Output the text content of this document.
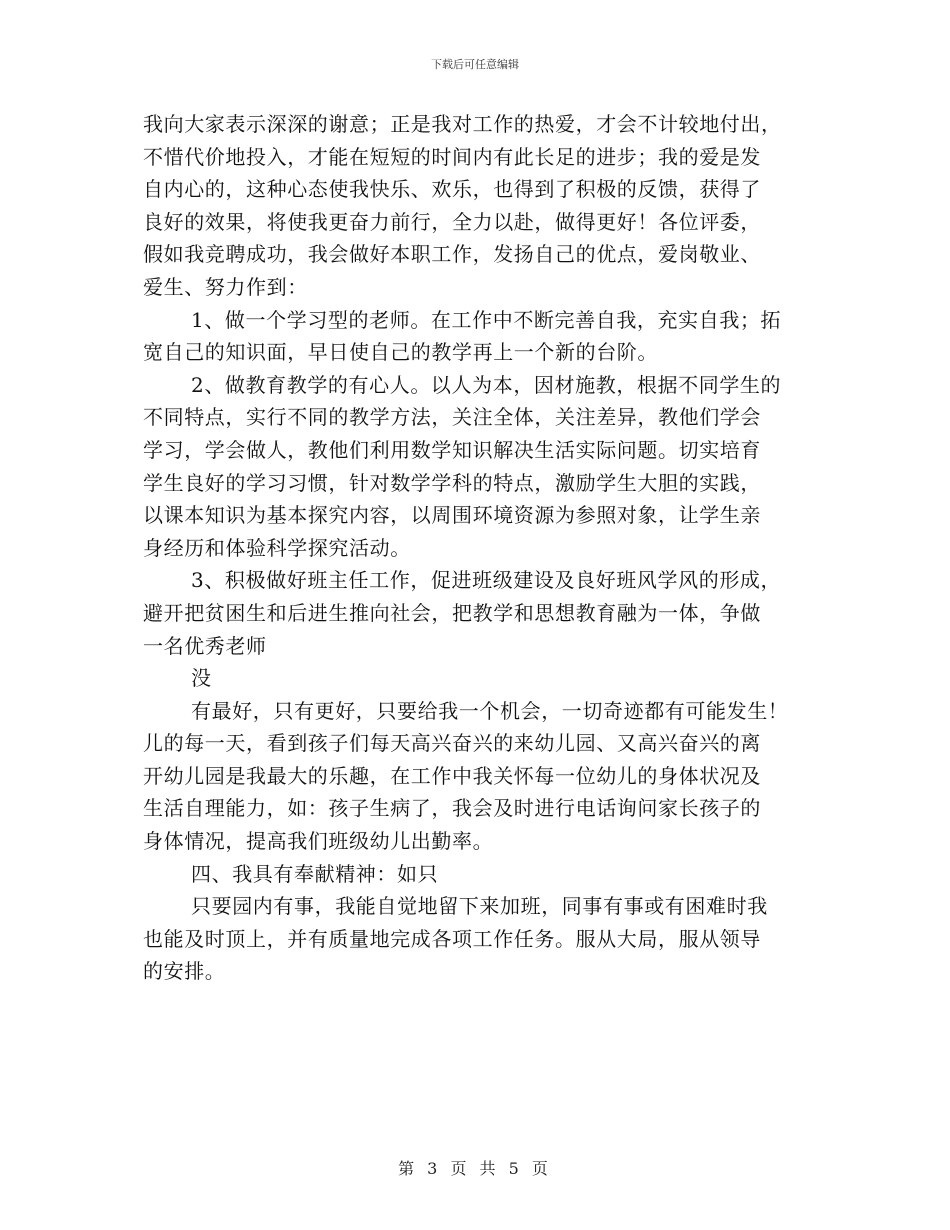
下载后可任意编辑
我向大家表示深深的谢意；正是我对工作的热爱，才会不计较地付出，
不惜代价地投入，才能在短短的时间内有此长足的进步；我的爱是发
自内心的，这种心态使我快乐、欢乐，也得到了积极的反馈，获得了
良好的效果，将使我更奋力前行，全力以赴，做得更好！各位评委，
假如我竞聘成功，我会做好本职工作，发扬自己的优点，爱岗敬业、
爱生、努力作到：
1、做一个学习型的老师。在工作中不断完善自我，充实自我；拓
宽自己的知识面，早日使自己的教学再上一个新的台阶。
2、做教育教学的有心人。以人为本，因材施教，根据不同学生的
不同特点，实行不同的教学方法，关注全体，关注差异，教他们学会
学习，学会做人，教他们利用数学知识解决生活实际问题。切实培育
学生良好的学习习惯，针对数学学科的特点，激励学生大胆的实践，
以课本知识为基本探究内容，以周围环境资源为参照对象，让学生亲
身经历和体验科学探究活动。
3、积极做好班主任工作，促进班级建设及良好班风学风的形成，
避开把贫困生和后进生推向社会，把教学和思想教育融为一体，争做
一名优秀老师
没
有最好，只有更好，只要给我一个机会，一切奇迹都有可能发生！
儿的每一天，看到孩子们每天高兴奋兴的来幼儿园、又高兴奋兴的离
开幼儿园是我最大的乐趣，在工作中我关怀每一位幼儿的身体状况及
生活自理能力，如：孩子生病了，我会及时进行电话询问家长孩子的
身体情况，提高我们班级幼儿出勤率。
四、我具有奉献精神：如只
只要园内有事，我能自觉地留下来加班，同事有事或有困难时我
也能及时顶上，并有质量地完成各项工作任务。服从大局，服从领导
的安排。
第 3 页 共 5 页
